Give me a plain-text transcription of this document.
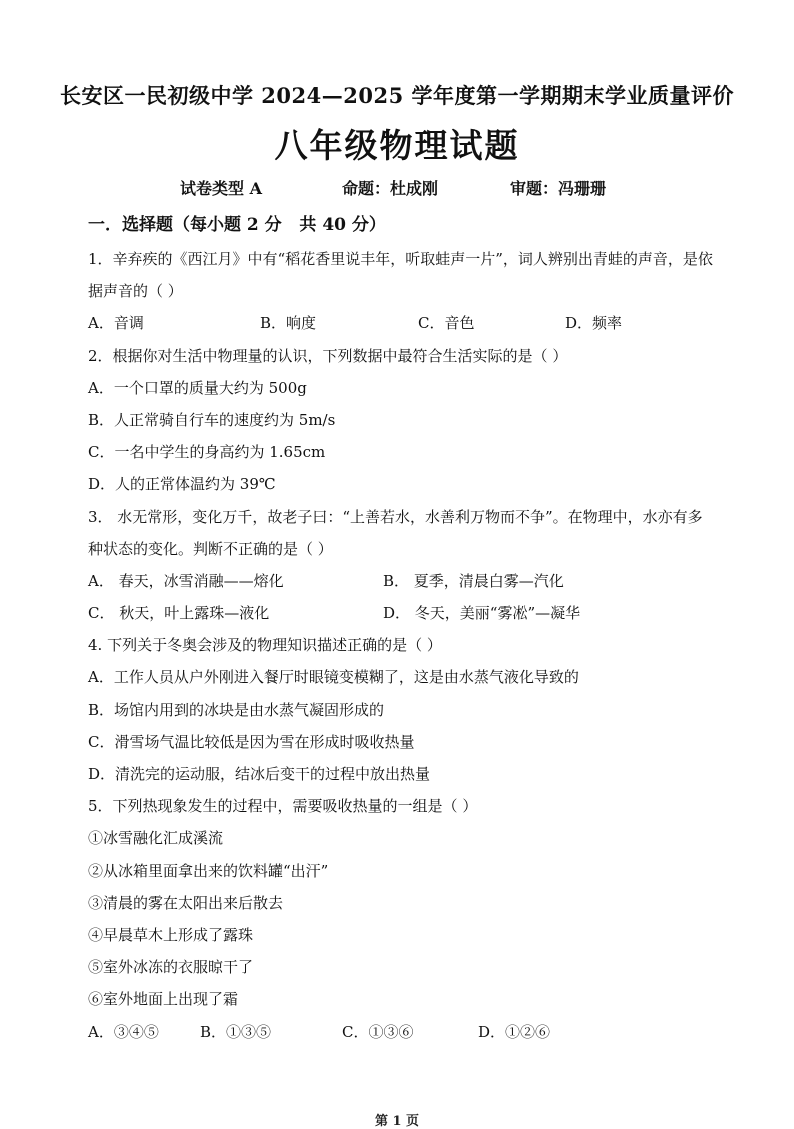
长安区一民初级中学 2024—2025 学年度第一学期期末学业质量评价
八年级物理试题
试卷类型 A	命题：杜成刚	审题：冯珊珊
一．选择题（每小题 2 分   共 40 分）
1．辛弃疾的《西江月》中有“稻花香里说丰年，听取蛙声一片”，词人辨别出青蛙的声音，是依
据声音的（ ）
A．音调	B．响度	C．音色	D．频率
2．根据你对生活中物理量的认识，下列数据中最符合生活实际的是（ ）
A．一个口罩的质量大约为 500g
B．人正常骑自行车的速度约为 5m/s
C．一名中学生的身高约为 1.65cm
D．人的正常体温约为 39℃
3． 水无常形，变化万千，故老子曰：“上善若水，水善利万物而不争”。在物理中，水亦有多
种状态的变化。判断不正确的是（ ）
A． 春天，冰雪消融——熔化	B． 夏季，清晨白雾—汽化
C． 秋天，叶上露珠—液化	D． 冬天，美丽“雾凇”—凝华
4. 下列关于冬奥会涉及的物理知识描述正确的是（ ）
A．工作人员从户外刚进入餐厅时眼镜变模糊了，这是由水蒸气液化导致的
B．场馆内用到的冰块是由水蒸气凝固形成的
C．滑雪场气温比较低是因为雪在形成时吸收热量
D．清洗完的运动服，结冰后变干的过程中放出热量
5．下列热现象发生的过程中，需要吸收热量的一组是（ ）
①冰雪融化汇成溪流
②从冰箱里面拿出来的饮料罐“出汗”
③清晨的雾在太阳出来后散去
④早晨草木上形成了露珠
⑤室外冰冻的衣服晾干了
⑥室外地面上出现了霜
A．③④⑤	B．①③⑤	C．①③⑥	D．①②⑥
第 1 页
